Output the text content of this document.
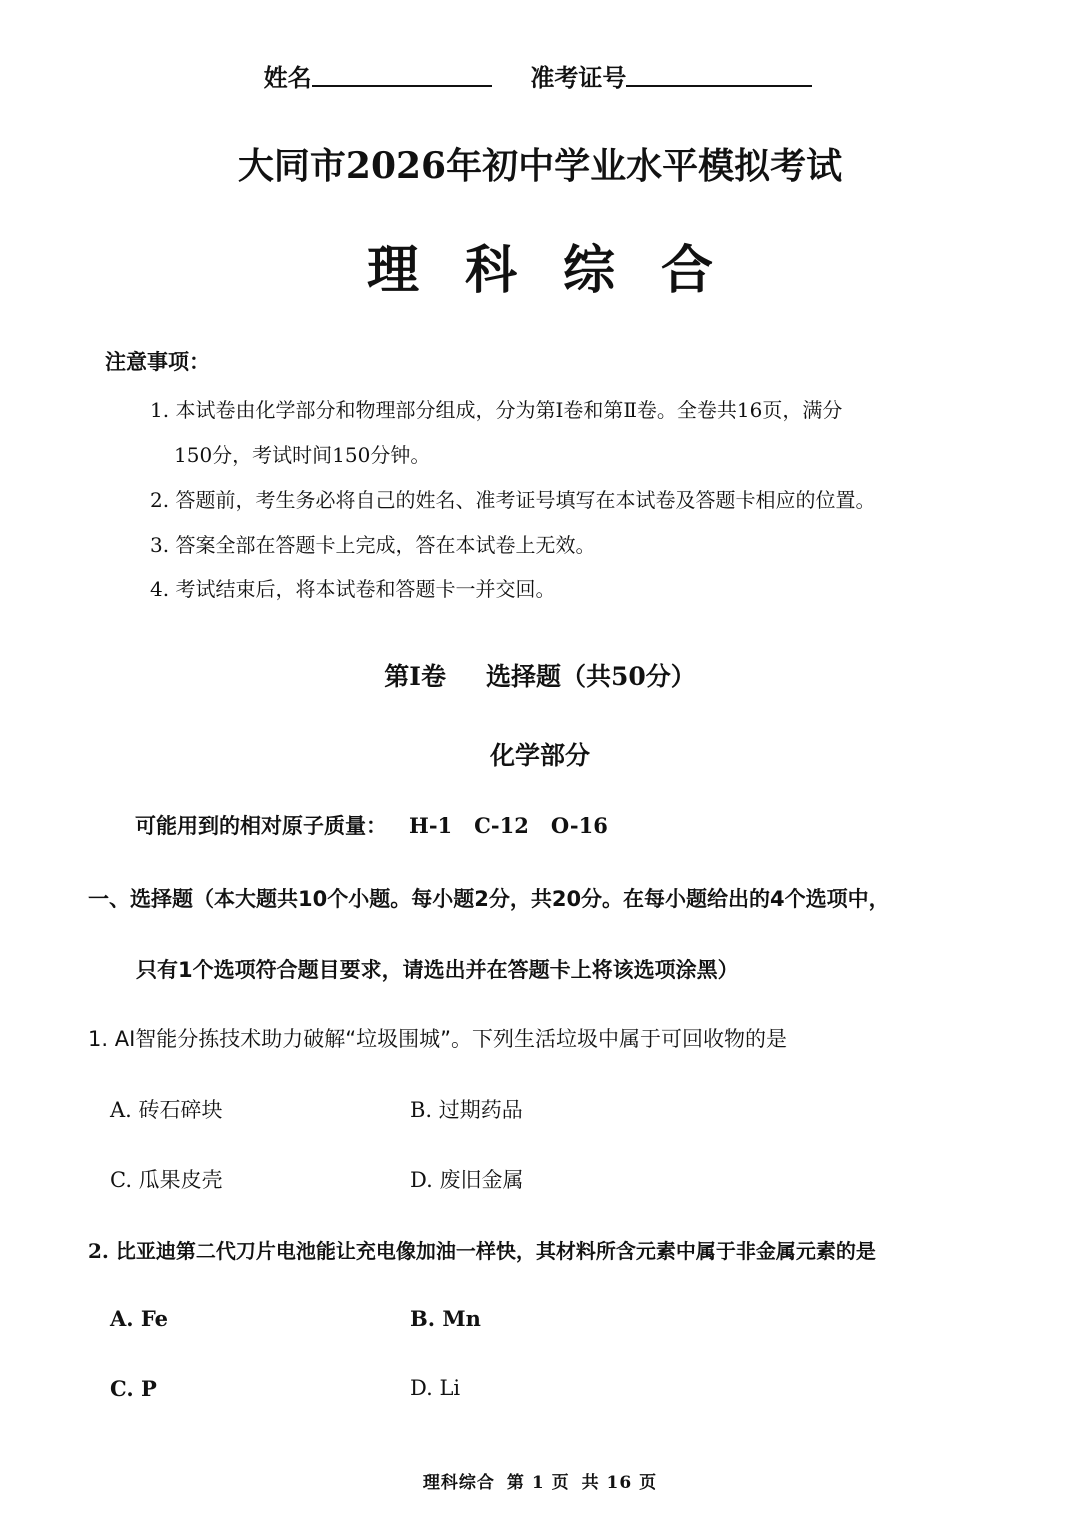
姓名	准考证号
大同市2026年初中学业水平模拟考试
理科综合
注意事项：
1. 本试卷由化学部分和物理部分组成，分为第Ⅰ卷和第Ⅱ卷。全卷共16页，满分
150分，考试时间150分钟。
2. 答题前，考生务必将自己的姓名、准考证号填写在本试卷及答题卡相应的位置。
3. 答案全部在答题卡上完成，答在本试卷上无效。
4. 考试结束后，将本试卷和答题卡一并交回。
第Ⅰ卷 选择题（共50分）
化学部分
可能用到的相对原子质量： H-1 C-12 O-16
一、选择题（本大题共10个小题。每小题2分，共20分。在每小题给出的4个选项中，
只有1个选项符合题目要求，请选出并在答题卡上将该选项涂黑）
1. AI智能分拣技术助力破解“垃圾围城”。下列生活垃圾中属于可回收物的是
A. 砖石碎块	B. 过期药品
C. 瓜果皮壳	D. 废旧金属
2. 比亚迪第二代刀片电池能让充电像加油一样快，其材料所含元素中属于非金属元素的是
A. Fe	B. Mn
C. P	D. Li
理科综合 第 1 页 共 16 页
